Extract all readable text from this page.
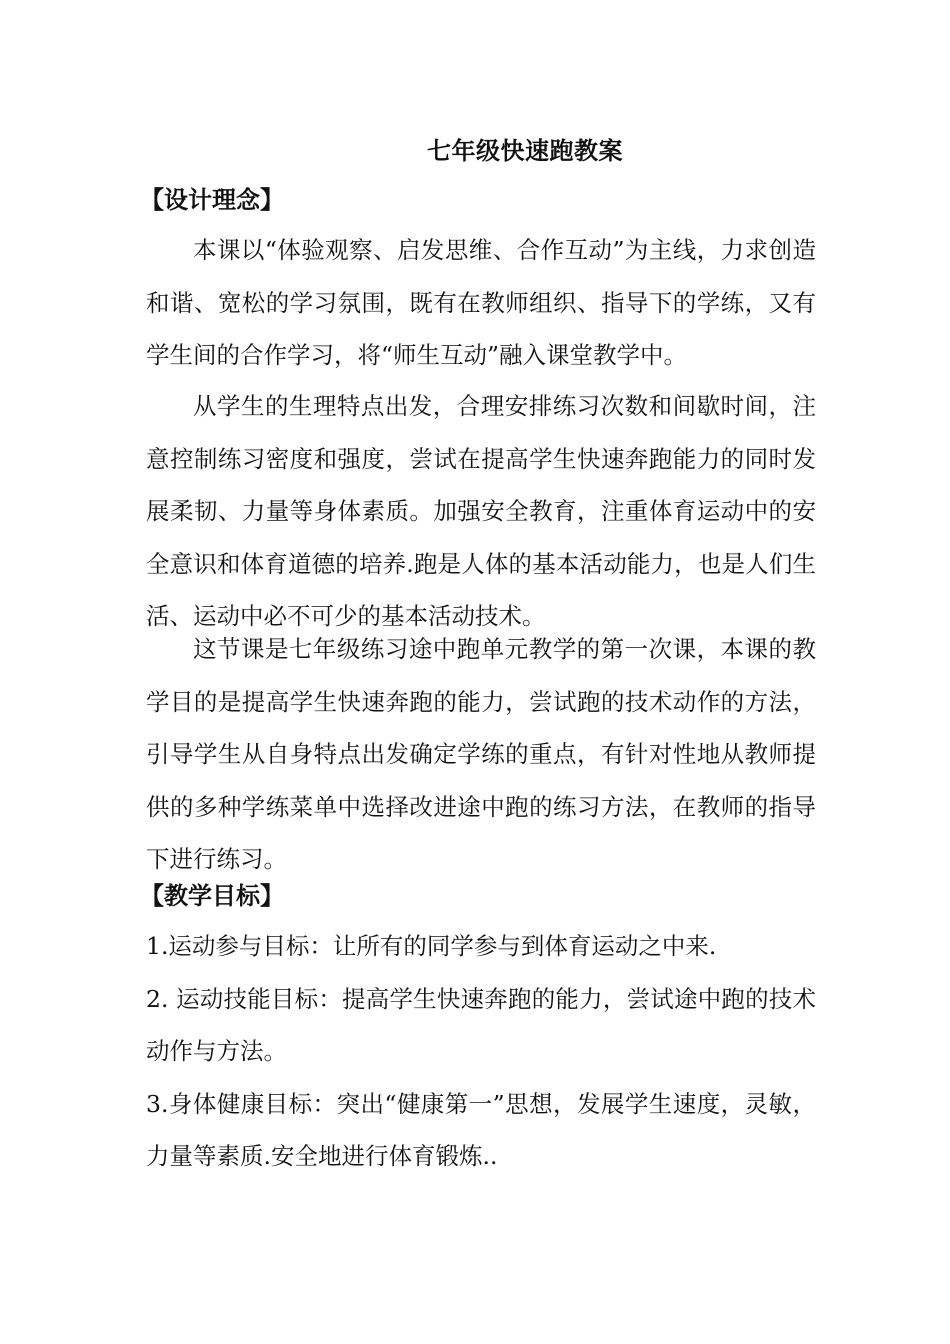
七年级快速跑教案
【设计理念】

本课以“体验观察、启发思维、合作互动”为主线，力求创造和谐、宽松的学习氛围，既有在教师组织、指导下的学练，又有学生间的合作学习，将“师生互动”融入课堂教学中。

从学生的生理特点出发，合理安排练习次数和间歇时间，注意控制练习密度和强度，尝试在提高学生快速奔跑能力的同时发展柔韧、力量等身体素质。加强安全教育，注重体育运动中的安全意识和体育道德的培养.跑是人体的基本活动能力，也是人们生活、运动中必不可少的基本活动技术。

这节课是七年级练习途中跑单元教学的第一次课，本课的教学目的是提高学生快速奔跑的能力，尝试跑的技术动作的方法，引导学生从自身特点出发确定学练的重点，有针对性地从教师提供的多种学练菜单中选择改进途中跑的练习方法，在教师的指导下进行练习。

【教学目标】
1.运动参与目标：让所有的同学参与到体育运动之中来.
2. 运动技能目标：提高学生快速奔跑的能力，尝试途中跑的技术动作与方法。
3.身体健康目标：突出“健康第一”思想，发展学生速度，灵敏，力量等素质.安全地进行体育锻炼..
